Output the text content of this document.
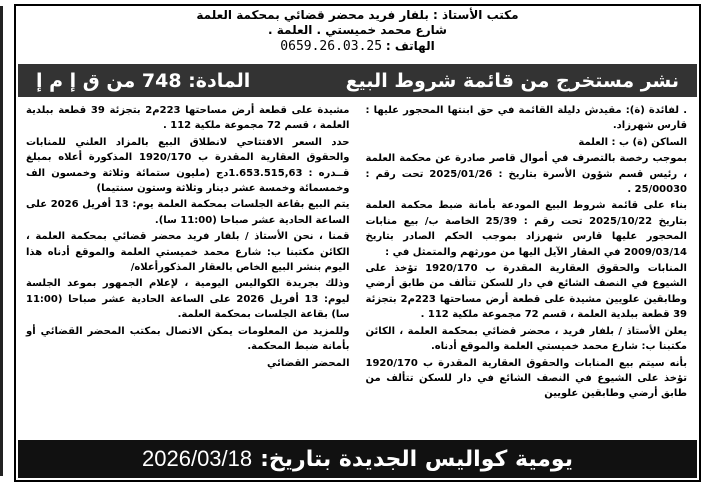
مكتب الأستاذ : بلفار فريد محضر قضائي بمحكمة العلمة
شارع محمد خميستي . العلمة .
الهاتف : 0659.26.03.25
نشر مستخرج من قائمة شروط البيع
المادة: 748 من ق إ م إ

. لفائدة (ة): مقيدش دليلة القائمة في حق ابنتها المحجور عليها : قارس شهرزاد.

الساكن (ة) ب : العلمة

بموجب رخصة بالتصرف في أموال قاصر صادرة عن محكمة العلمة ، رئيس قسم شؤون الأسرة بتاريخ : 2025/01/26 تحت رقم : 25/00030 .

بناء على قائمة شروط البيع المودعة بأمانة ضبط محكمة العلمة بتاريخ 2025/10/22 تحت رقم : 25/39 الخاصة ب/ بيع منابات المحجور عليها قارس شهرزاد بموجب الحكم الصادر بتاريخ 2009/03/14 في العقار الآيل اليها من مورثهم والمتمثل في :

المنابات والحقوق العقارية المقدرة ب 1920/170 تؤخذ على الشيوع في النصف الشائع في دار للسكن تتألف من طابق أرضي وطابقين علويين مشيدة على قطعة أرض مساحتها 223م2 بتجزئة 39 قطعة ببلدية العلمة ، قسم 72 مجموعة ملكية 112 .

يعلن الأستاذ / بلفار فريد ، محضر قضائي بمحكمة العلمة ، الكائن مكتبنا ب: شارع محمد خميستي العلمة والموقع أدناه.

بأنه سيتم بيع المنابات والحقوق العقارية المقدرة ب 1920/170 تؤخذ على الشيوع في النصف الشائع في دار للسكن تتألف من طابق أرضي وطابقين علويين

مشيدة على قطعة أرض مساحتها 223م2 بتجزئة 39 قطعة ببلدية العلمة ، قسم 72 مجموعة ملكية 112 .

حدد السعر الافتتاحي لانطلاق البيع بالمزاد العلني للمنابات والحقوق العقارية المقدرة ب 1920/170 المذكورة أعلاه بمبلغ قــدره : 1.653.515,63دج (مليون ستمائة وثلاثة وخمسون الف وخمسمائة وخمسة عشر دينار وثلاثة وستون سنتيما)

يتم البيع بقاعة الجلسات بمحكمة العلمة يوم: 13 أفريل 2026 على الساعة الحادية عشر صباحا (11:00 سا).

قمنا ، نحن الأستاذ / بلفار فريد محضر قضائي بمحكمة العلمة ، الكائن مكتبنا ب: شارع محمد خميستي العلمة والموقع أدناه هذا اليوم بنشر البيع الخاص بالعقار المذكورأعلاه/

وذلك بجريدة الكواليس اليومية ، لإعلام الجمهور بموعد الجلسة ليوم: 13 أفريل 2026 على الساعة الحادية عشر صباحا (11:00 سا) بقاعة الجلسات بمحكمة العلمة.

وللمزيد من المعلومات يمكن الاتصال بمكتب المحضر القضائي أو بأمانة ضبط المحكمة.

المحضر القضائي

يومية كواليس الجديدة بتاريخ:
2026/03/18
